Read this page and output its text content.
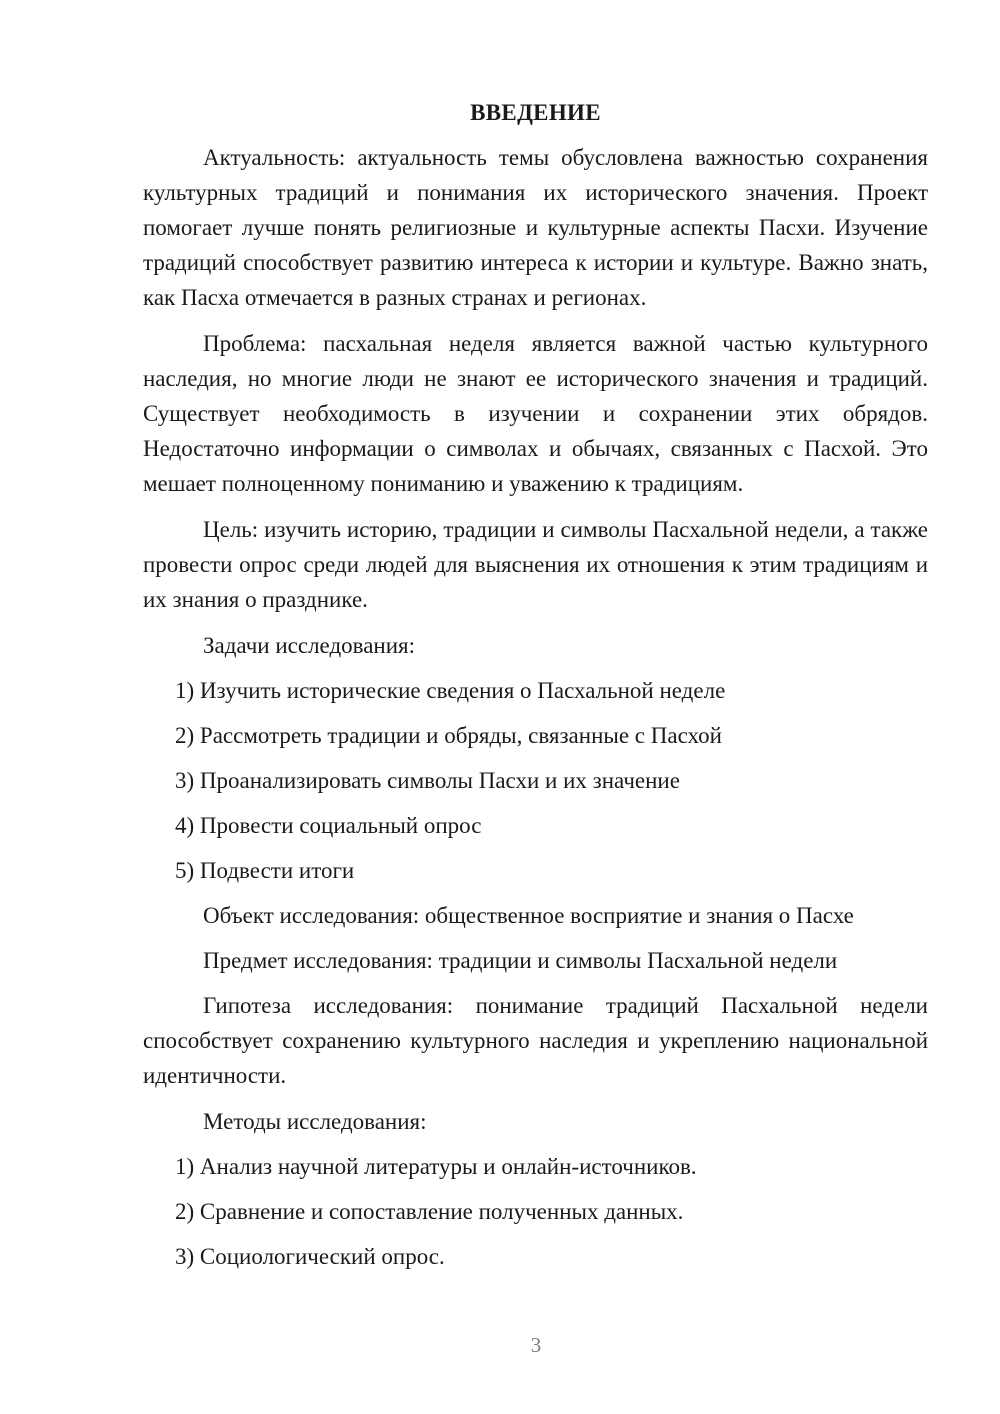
ВВЕДЕНИЕ
Актуальность: актуальность темы обусловлена важностью сохранения культурных традиций и понимания их исторического значения. Проект помогает лучше понять религиозные и культурные аспекты Пасхи. Изучение традиций способствует развитию интереса к истории и культуре. Важно знать, как Пасха отмечается в разных странах и регионах.
Проблема: пасхальная неделя является важной частью культурного наследия, но многие люди не знают ее исторического значения и традиций. Существует необходимость в изучении и сохранении этих обрядов. Недостаточно информации о символах и обычаях, связанных с Пасхой. Это мешает полноценному пониманию и уважению к традициям.
Цель: изучить историю, традиции и символы Пасхальной недели, а также провести опрос среди людей для выяснения их отношения к этим традициям и их знания о празднике.
Задачи исследования:
1) Изучить исторические сведения о Пасхальной неделе
2) Рассмотреть традиции и обряды, связанные с Пасхой
3) Проанализировать символы Пасхи и их значение
4) Провести социальный опрос
5) Подвести итоги
Объект исследования: общественное восприятие и знания о Пасхе
Предмет исследования: традиции и символы Пасхальной недели
Гипотеза исследования: понимание традиций Пасхальной недели способствует сохранению культурного наследия и укреплению национальной идентичности.
Методы исследования:
1) Анализ научной литературы и онлайн-источников.
2) Сравнение и сопоставление полученных данных.
3) Социологический опрос.
3
